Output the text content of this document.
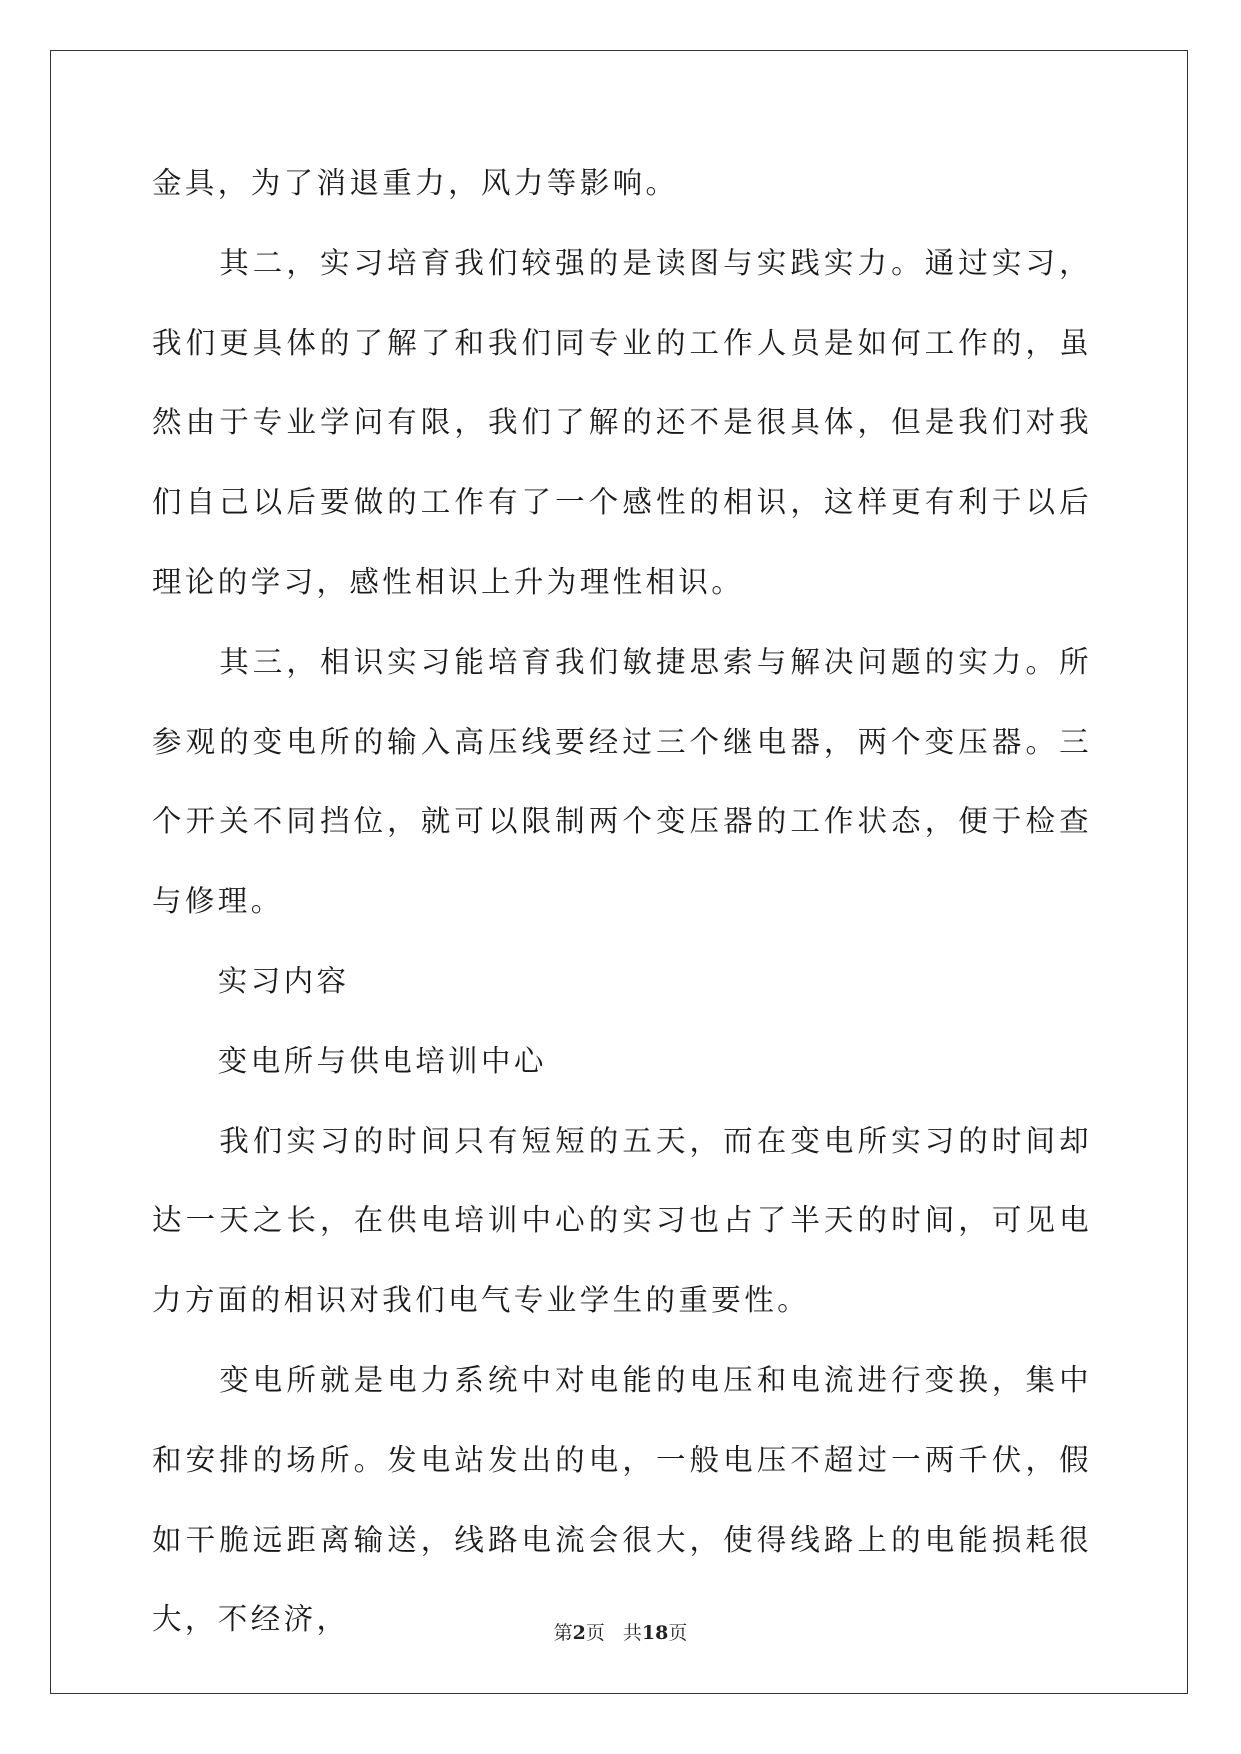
金具，为了消退重力，风力等影响。

　　其二，实习培育我们较强的是读图与实践实力。通过实习，我们更具体的了解了和我们同专业的工作人员是如何工作的，虽然由于专业学问有限，我们了解的还不是很具体，但是我们对我们自己以后要做的工作有了一个感性的相识，这样更有利于以后理论的学习，感性相识上升为理性相识。

　　其三，相识实习能培育我们敏捷思索与解决问题的实力。所参观的变电所的输入高压线要经过三个继电器，两个变压器。三个开关不同挡位，就可以限制两个变压器的工作状态，便于检查与修理。

　　实习内容

　　变电所与供电培训中心

　　我们实习的时间只有短短的五天，而在变电所实习的时间却达一天之长，在供电培训中心的实习也占了半天的时间，可见电力方面的相识对我们电气专业学生的重要性。

　　变电所就是电力系统中对电能的电压和电流进行变换，集中和安排的场所。发电站发出的电，一般电压不超过一两千伏，假如干脆远距离输送，线路电流会很大，使得线路上的电能损耗很大，不经济，	第2页 共18页
